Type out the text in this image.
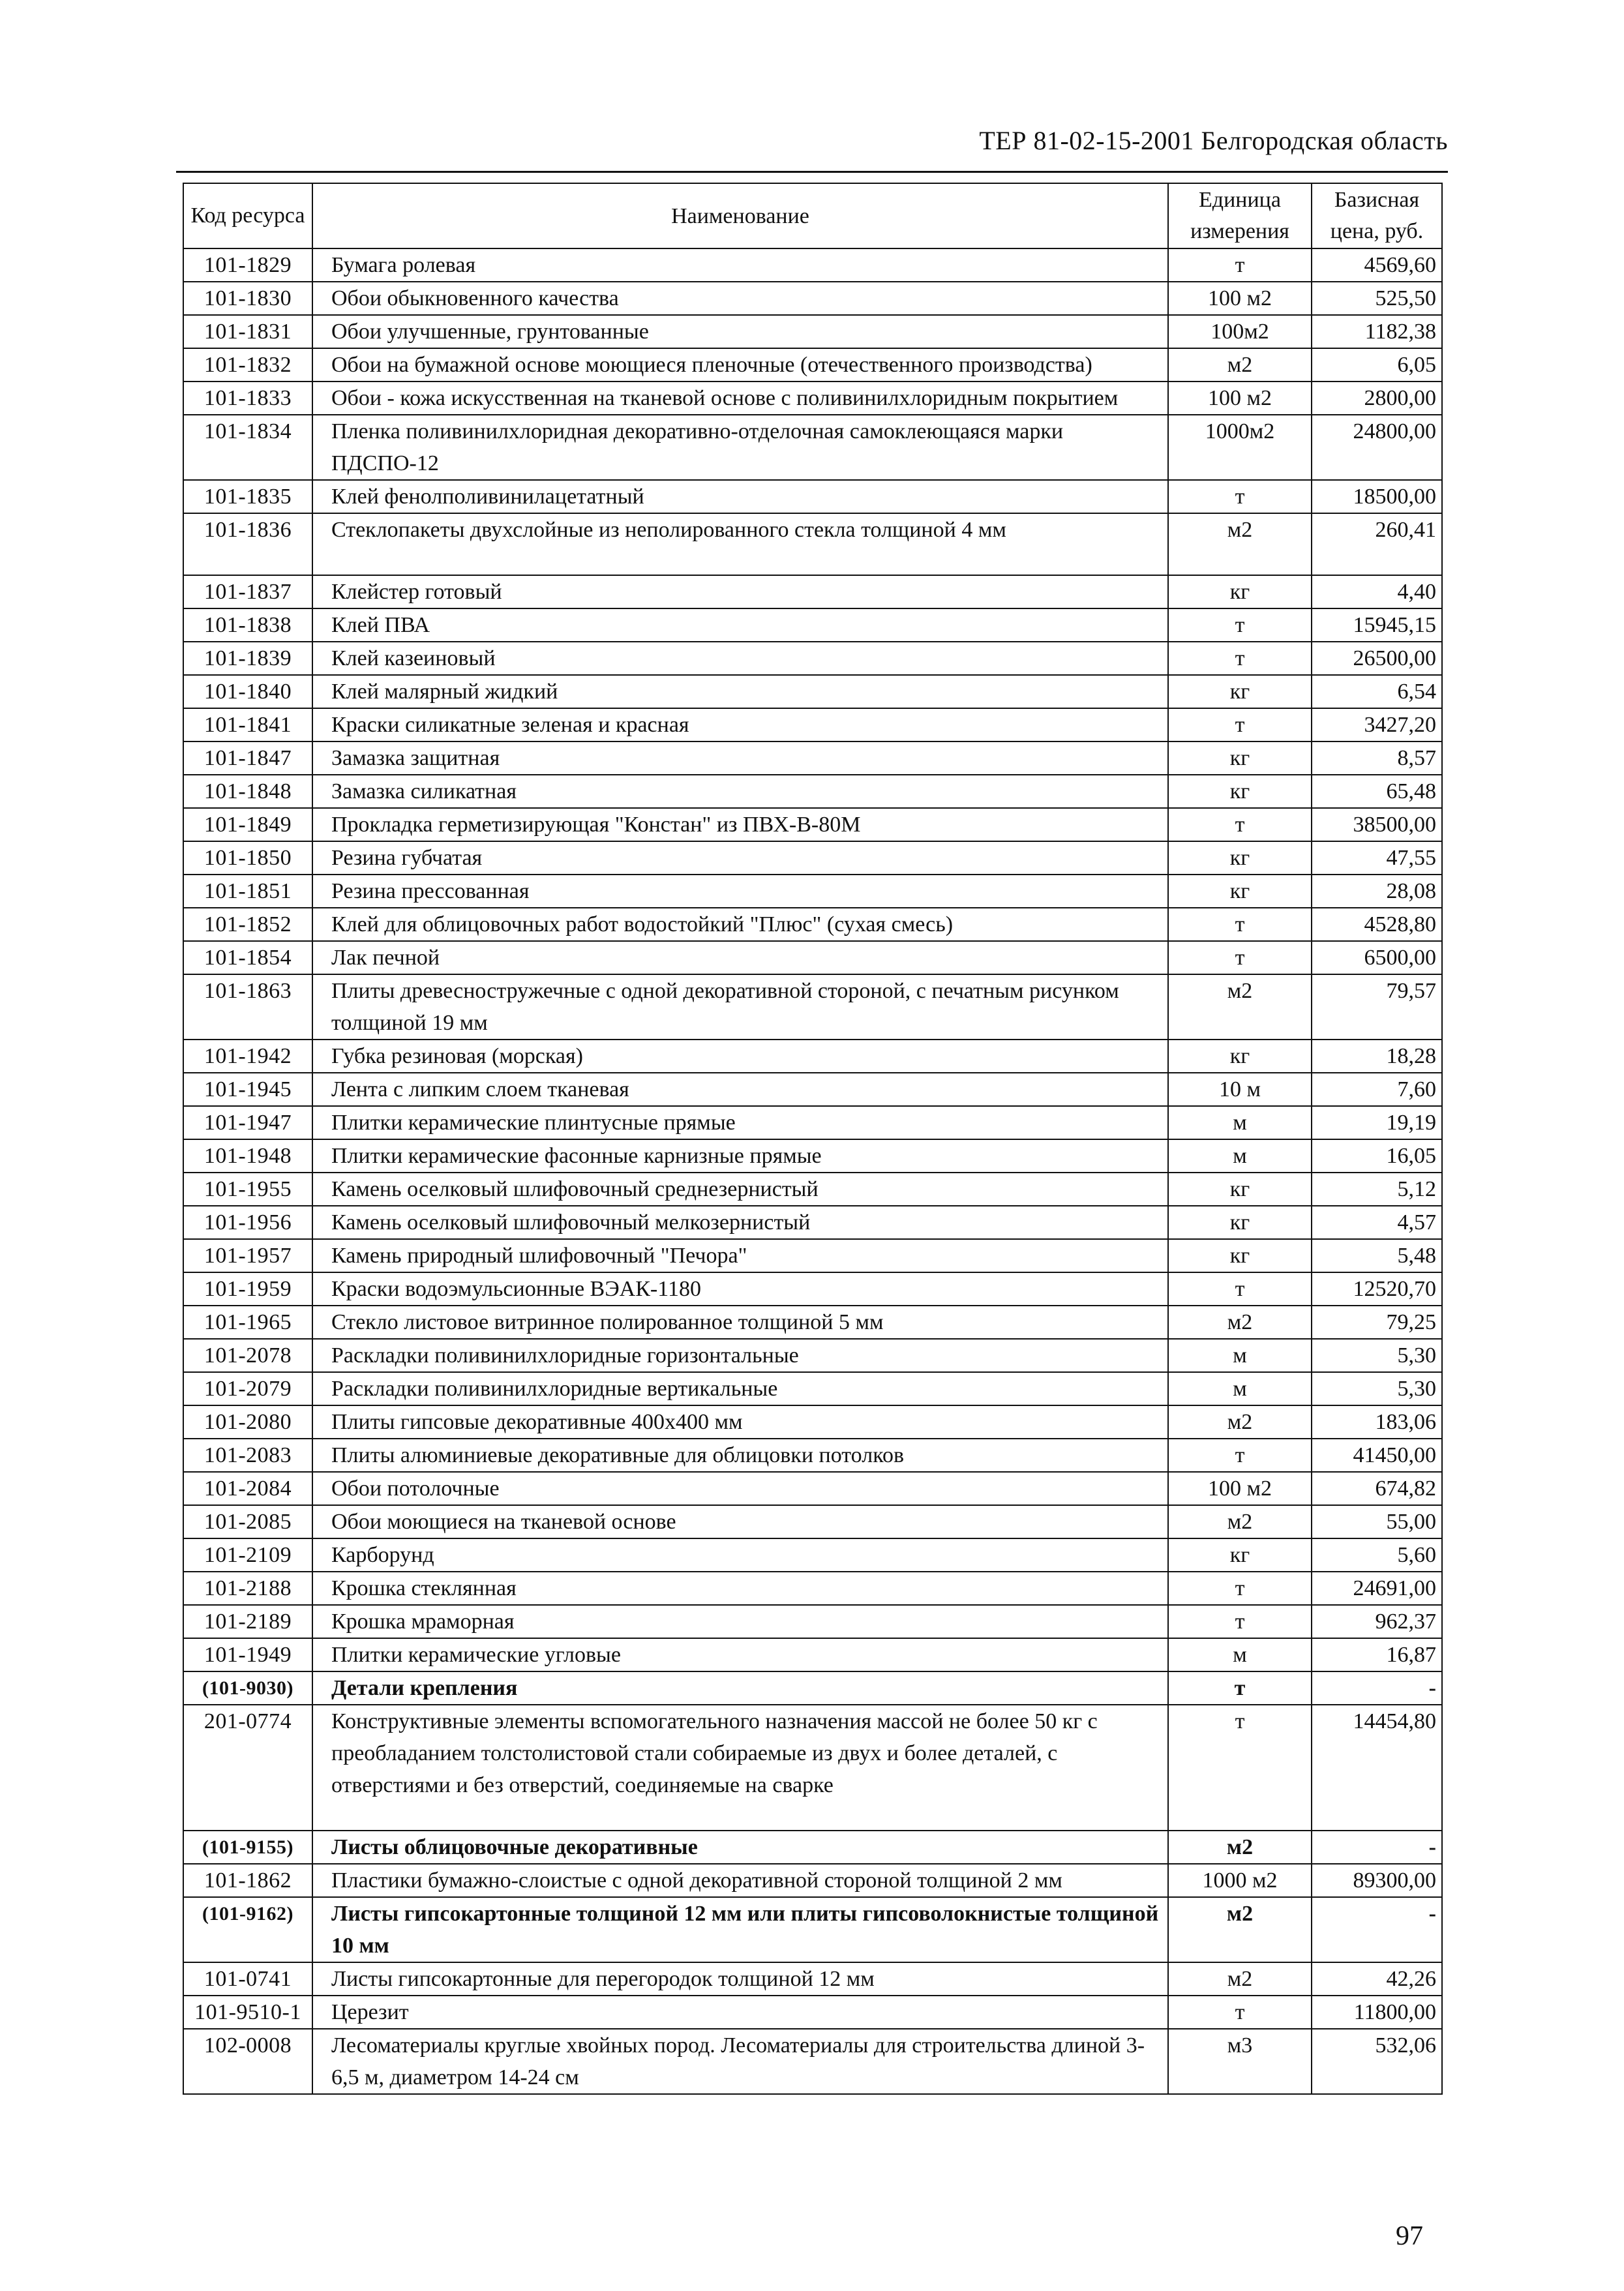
ТЕР 81-02-15-2001 Белгородская область
Код ресурса	Наименование	Единица измерения	Базисная цена, руб.
101-1829	Бумага ролевая	т	4569,60
101-1830	Обои обыкновенного качества	100 м2	525,50
101-1831	Обои улучшенные, грунтованные	100м2	1182,38
101-1832	Обои на бумажной основе моющиеся пленочные (отечественного производства)	м2	6,05
101-1833	Обои - кожа искусственная на тканевой основе с поливинилхлоридным покрытием	100 м2	2800,00
101-1834	Пленка поливинилхлоридная декоративно-отделочная самоклеющаяся марки ПДСПО-12	1000м2	24800,00
101-1835	Клей фенолполивинилацетатный	т	18500,00
101-1836	Стеклопакеты двухслойные из неполированного стекла толщиной 4 мм	м2	260,41
101-1837	Клейстер готовый	кг	4,40
101-1838	Клей ПВА	т	15945,15
101-1839	Клей казеиновый	т	26500,00
101-1840	Клей малярный жидкий	кг	6,54
101-1841	Краски силикатные зеленая и красная	т	3427,20
101-1847	Замазка защитная	кг	8,57
101-1848	Замазка силикатная	кг	65,48
101-1849	Прокладка герметизирующая "Констан" из ПВХ-В-80М	т	38500,00
101-1850	Резина губчатая	кг	47,55
101-1851	Резина прессованная	кг	28,08
101-1852	Клей для облицовочных работ водостойкий "Плюс" (сухая смесь)	т	4528,80
101-1854	Лак печной	т	6500,00
101-1863	Плиты древесностружечные с одной декоративной стороной, с печатным рисунком толщиной 19 мм	м2	79,57
101-1942	Губка резиновая (морская)	кг	18,28
101-1945	Лента с липким слоем тканевая	10 м	7,60
101-1947	Плитки керамические плинтусные прямые	м	19,19
101-1948	Плитки керамические фасонные карнизные прямые	м	16,05
101-1955	Камень оселковый шлифовочный среднезернистый	кг	5,12
101-1956	Камень оселковый шлифовочный мелкозернистый	кг	4,57
101-1957	Камень природный шлифовочный "Печора"	кг	5,48
101-1959	Краски водоэмульсионные ВЭАК-1180	т	12520,70
101-1965	Стекло листовое витринное полированное толщиной 5 мм	м2	79,25
101-2078	Раскладки поливинилхлоридные горизонтальные	м	5,30
101-2079	Раскладки поливинилхлоридные вертикальные	м	5,30
101-2080	Плиты гипсовые декоративные 400х400 мм	м2	183,06
101-2083	Плиты алюминиевые декоративные для облицовки потолков	т	41450,00
101-2084	Обои потолочные	100 м2	674,82
101-2085	Обои моющиеся на тканевой основе	м2	55,00
101-2109	Карборунд	кг	5,60
101-2188	Крошка стеклянная	т	24691,00
101-2189	Крошка мраморная	т	962,37
101-1949	Плитки керамические угловые	м	16,87
(101-9030)	Детали крепления	т	-
201-0774	Конструктивные элементы вспомогательного назначения массой не более 50 кг с преобладанием толстолистовой стали собираемые из двух и более деталей, с отверстиями и без отверстий, соединяемые на сварке	т	14454,80
(101-9155)	Листы облицовочные декоративные	м2	-
101-1862	Пластики бумажно-слоистые с одной декоративной стороной толщиной 2 мм	1000 м2	89300,00
(101-9162)	Листы гипсокартонные толщиной 12 мм или плиты гипсоволокнистые толщиной 10 мм	м2	-
101-0741	Листы гипсокартонные для перегородок толщиной 12 мм	м2	42,26
101-9510-1	Церезит	т	11800,00
102-0008	Лесоматериалы круглые хвойных пород. Лесоматериалы для строительства длиной 3-6,5 м, диаметром 14-24 см	м3	532,06
97
